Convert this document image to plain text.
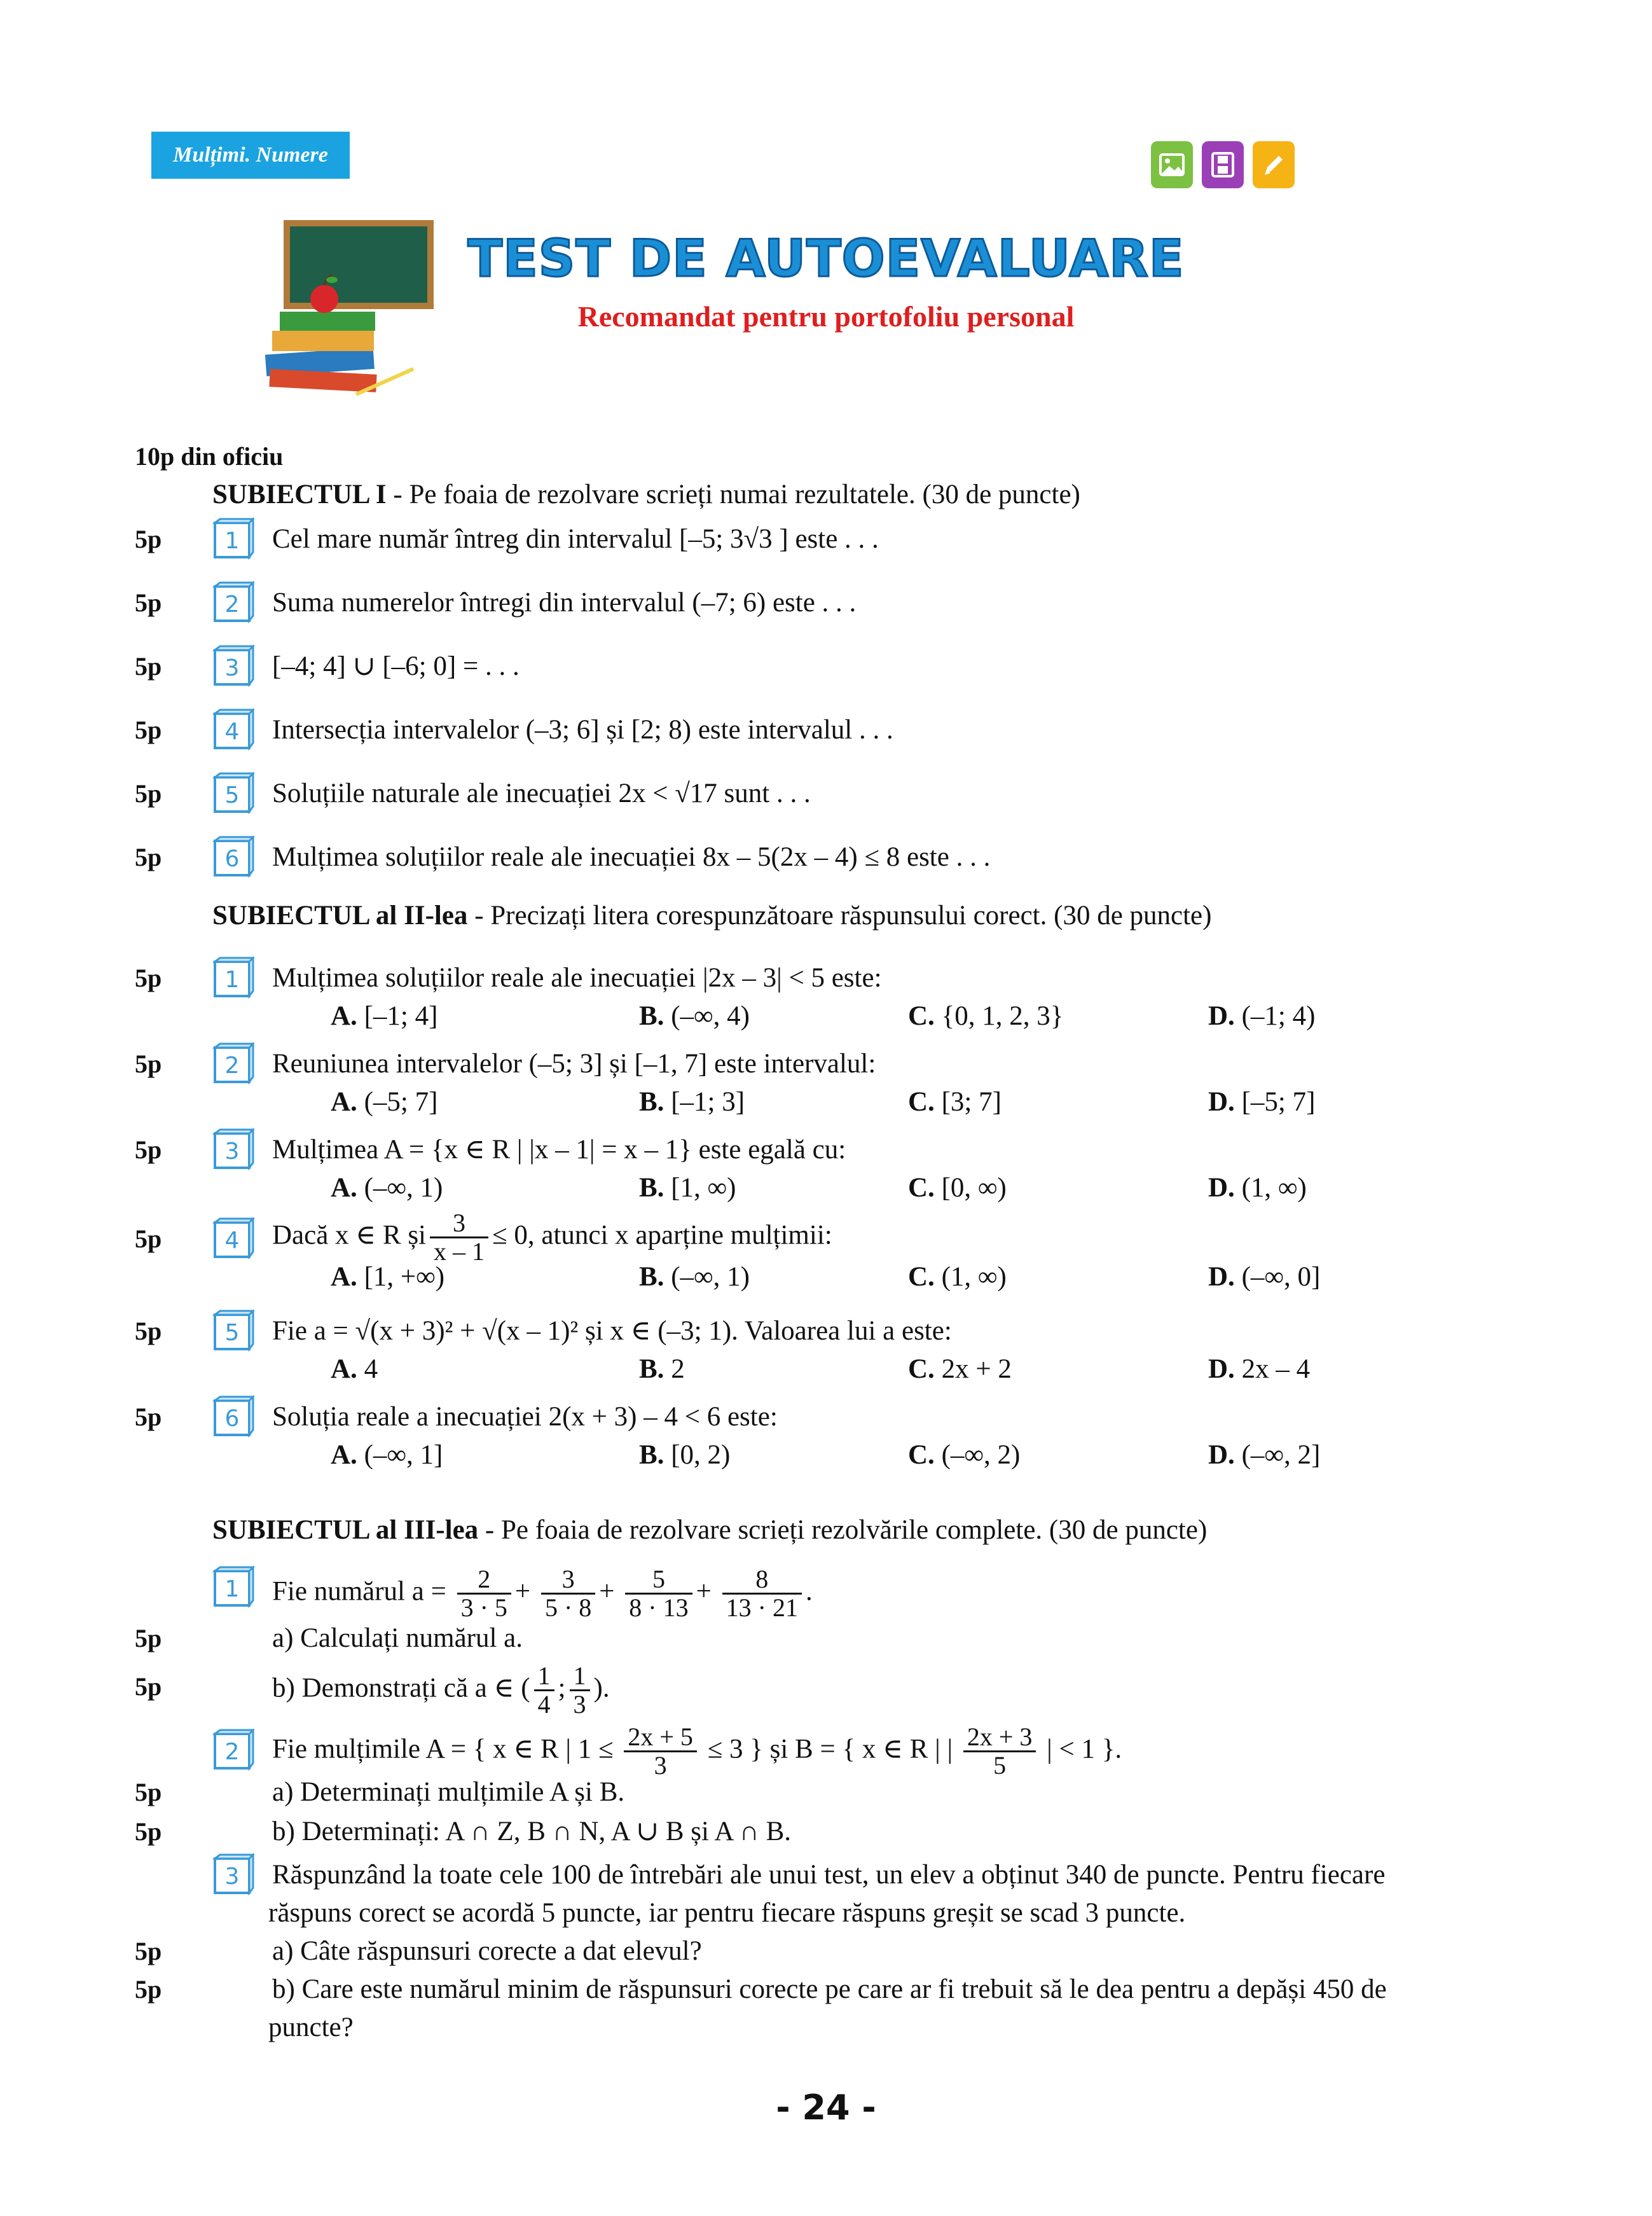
Mulțimi. Numere
TEST DE AUTOEVALUARE
Recomandat pentru portofoliu personal
10p din oficiu
SUBIECTUL I - Pe foaia de rezolvare scrieți numai rezultatele. (30 de puncte)
5p	1 Cel mare număr întreg din intervalul [–5; 3√3 ] este . . .
5p	2 Suma numerelor întregi din intervalul (–7; 6) este . . .
5p	3 [–4; 4] ∪ [–6; 0] = . . .
5p	4 Intersecția intervalelor (–3; 6] și [2; 8) este intervalul . . .
5p	5 Soluțiile naturale ale inecuației 2x < √17 sunt . . .
5p	6 Mulțimea soluțiilor reale ale inecuației 8x – 5(2x – 4) ≤ 8 este . . .
SUBIECTUL al II-lea - Precizați litera corespunzătoare răspunsului corect. (30 de puncte)
5p	1 Mulțimea soluțiilor reale ale inecuației |2x – 3| < 5 este:
A. [–1; 4]	B. (–∞, 4)	C. {0, 1, 2, 3}	D. (–1; 4)
5p	2 Reuniunea intervalelor (–5; 3] și [–1, 7] este intervalul:
A. (–5; 7]	B. [–1; 3]	C. [3; 7]	D. [–5; 7]
5p	3 Mulțimea A = {x ∈ R | |x – 1| = x – 1} este egală cu:
A. (–∞, 1)	B. [1, ∞)	C. [0, ∞)	D. (1, ∞)
5p	4 Dacă x ∈ R și $\frac{3}{x - 1} \le 0$, atunci x aparține mulțimii:
A. [1, +∞)	B. (–∞, 1)	C. (1, ∞)	D. (–∞, 0]
5p	5 Fie a = √(x + 3)² + √(x – 1)² și x ∈ (–3; 1). Valoarea lui a este:
A. 4	B. 2	C. 2x + 2	D. 2x – 4
5p	6 Soluția reale a inecuației 2(x + 3) – 4 < 6 este:
A. (–∞, 1]	B. [0, 2)	C. (–∞, 2)	D. (–∞, 2]
SUBIECTUL al III-lea - Pe foaia de rezolvare scrieți rezolvările complete. (30 de puncte)
1 Fie numărul $a = \frac{2}{3 \cdot 5} + \frac{3}{5 \cdot 8} + \frac{5}{8 \cdot 13} + \frac{8}{13 \cdot 21}$ .
5p	a) Calculați numărul a.
5p	b) Demonstrați că a ∈ ( $\frac{1}{4}$ ; $\frac{1}{3}$ ).
2 Fie mulțimile A = { x ∈ R | $1 \le \frac{2x + 5}{3} \le 3$ } și B = { x ∈ R | | $\frac{2x + 3}{5}$ | < 1 }.
5p	a) Determinați mulțimile A și B.
5p	b) Determinați: A ∩ Z, B ∩ N, A ∪ B și A ∩ B.
3 Răspunzând la toate cele 100 de întrebări ale unui test, un elev a obținut 340 de puncte. Pentru fiecare
răspuns corect se acordă 5 puncte, iar pentru fiecare răspuns greșit se scad 3 puncte.
5p	a) Câte răspunsuri corecte a dat elevul?
5p	b) Care este numărul minim de răspunsuri corecte pe care ar fi trebuit să le dea pentru a depăși 450 de
puncte?
- 24 -
